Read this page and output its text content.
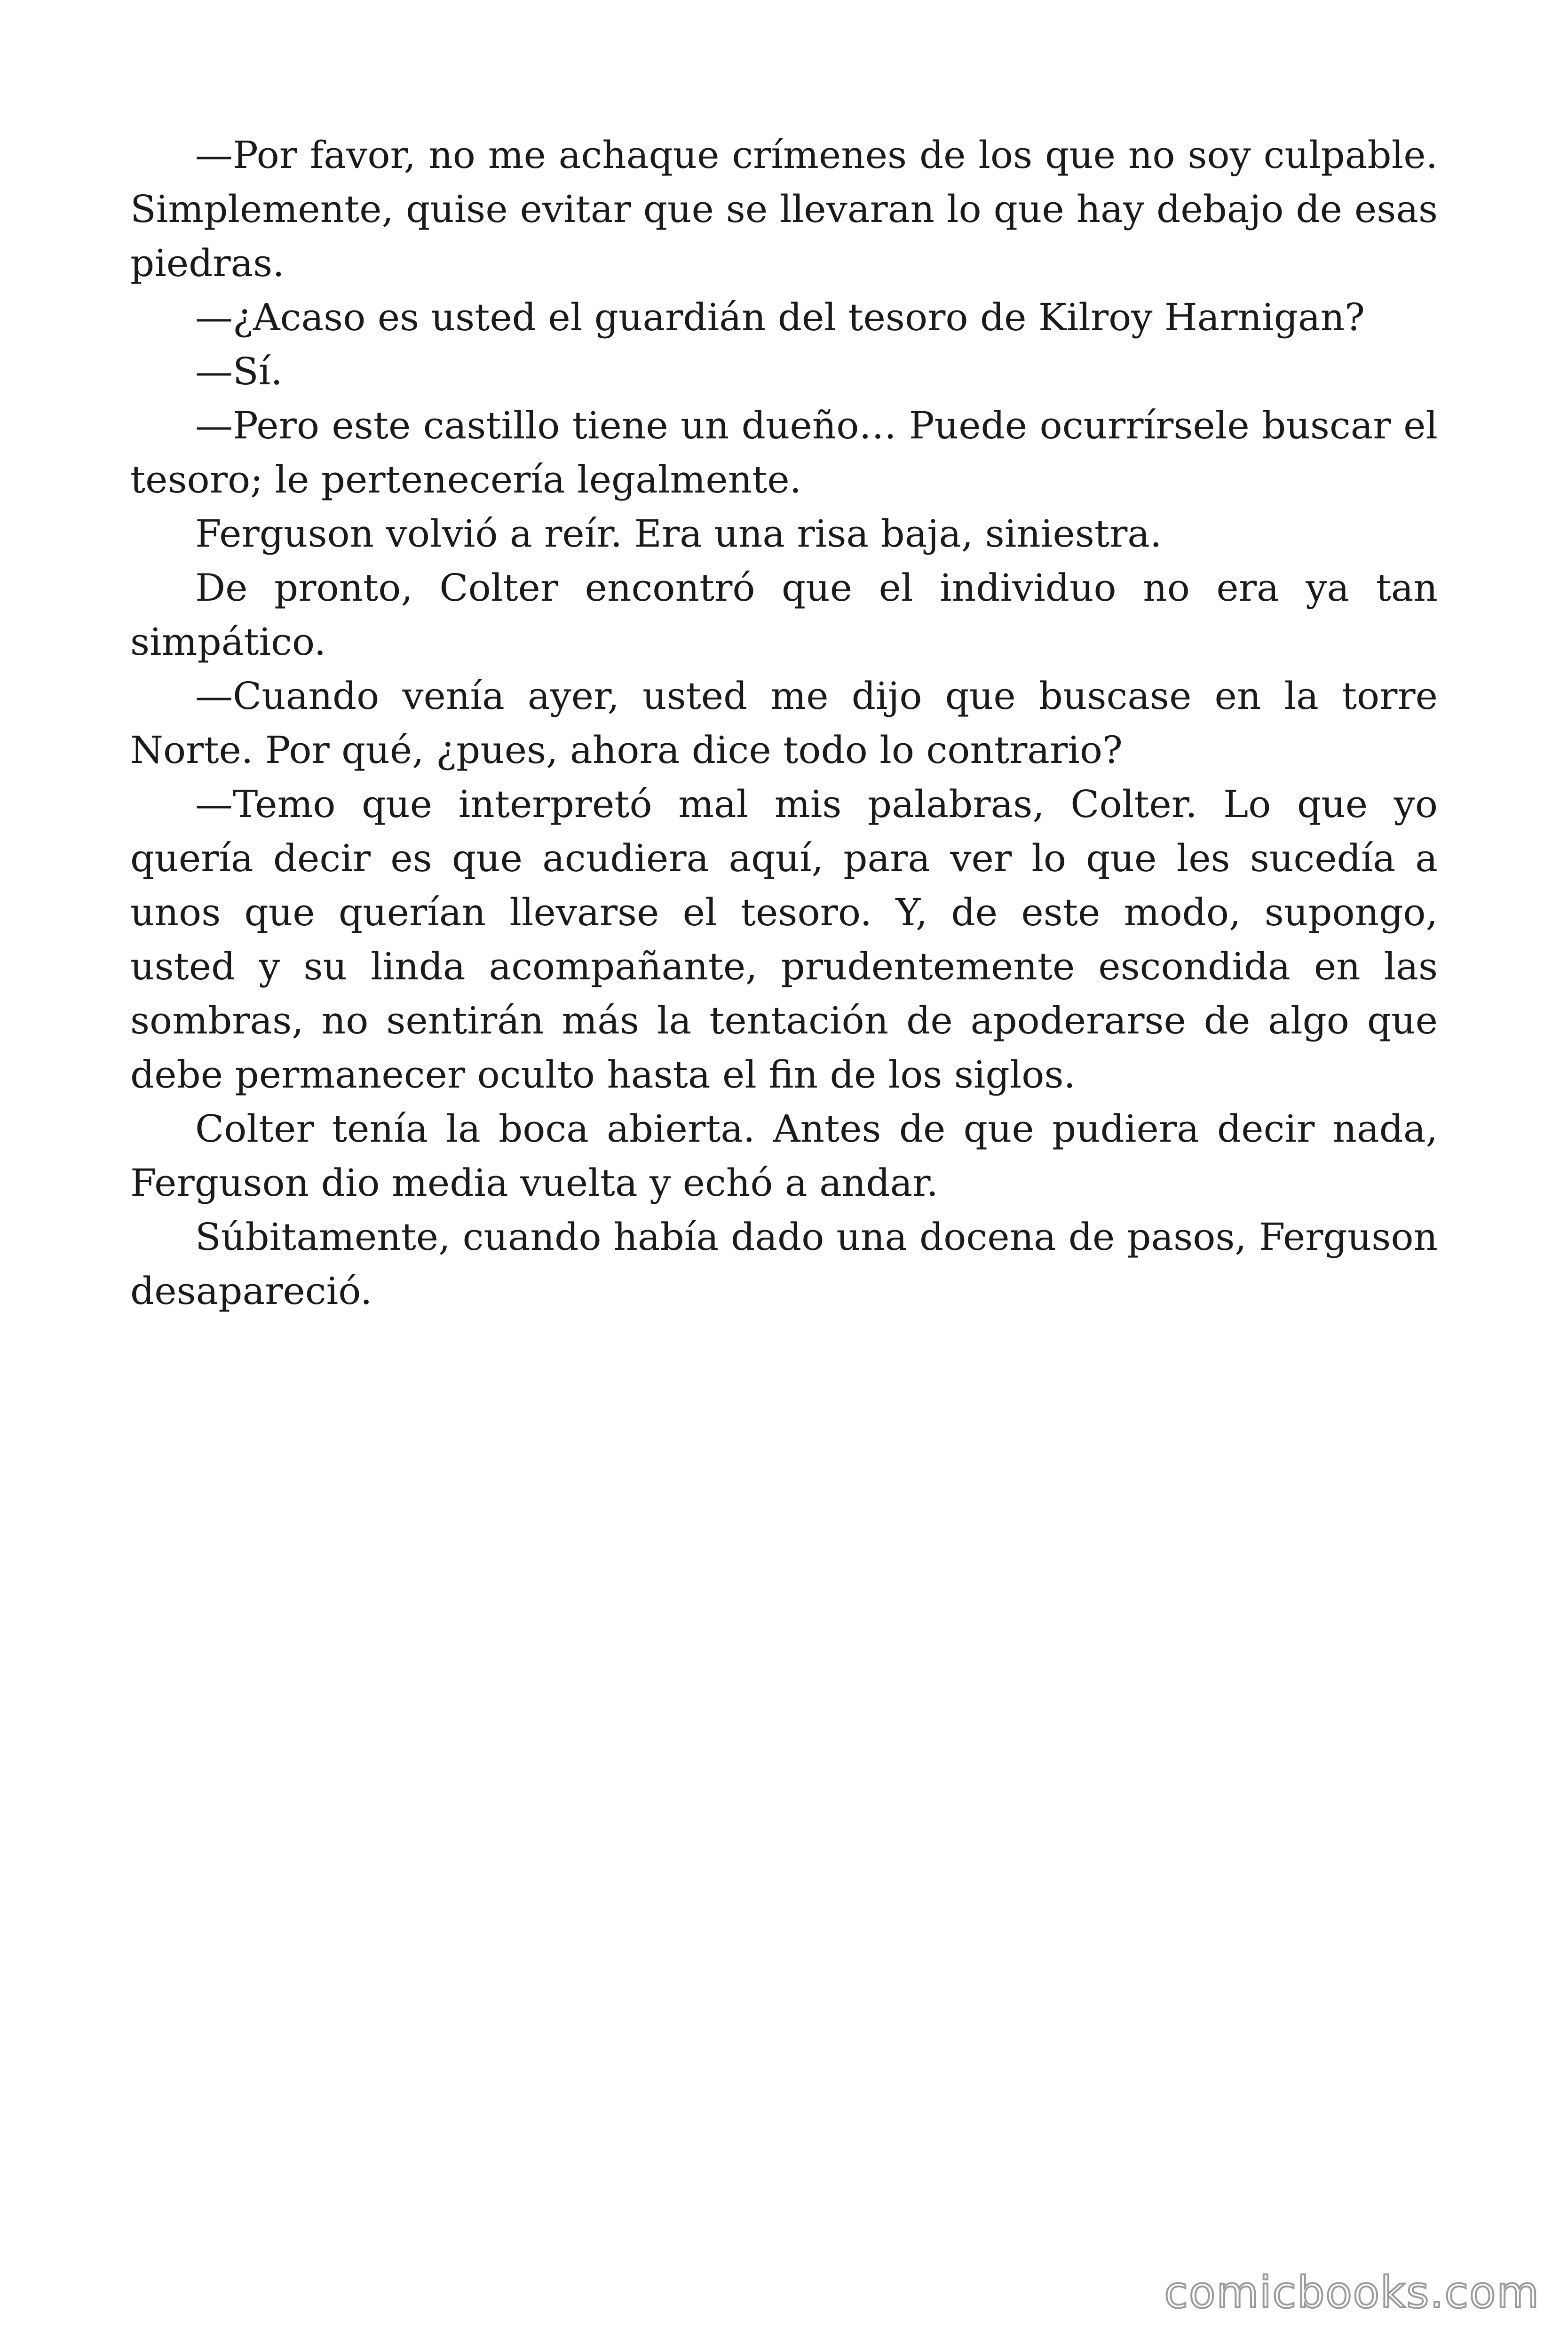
—Por favor, no me achaque crímenes de los que no soy culpable. Simplemente, quise evitar que se llevaran lo que hay debajo de esas piedras.

—¿Acaso es usted el guardián del tesoro de Kilroy Harnigan?

—Sí.

—Pero este castillo tiene un dueño… Puede ocurrírsele buscar el tesoro; le pertenecería legalmente.

Ferguson volvió a reír. Era una risa baja, siniestra.

De pronto, Colter encontró que el individuo no era ya tan simpático.

—Cuando venía ayer, usted me dijo que buscase en la torre Norte. Por qué, ¿pues, ahora dice todo lo contrario?

—Temo que interpretó mal mis palabras, Colter. Lo que yo quería decir es que acudiera aquí, para ver lo que les sucedía a unos que querían llevarse el tesoro. Y, de este modo, supongo, usted y su linda acompañante, prudentemente escondida en las sombras, no sentirán más la tentación de apoderarse de algo que debe permanecer oculto hasta el fin de los siglos.

Colter tenía la boca abierta. Antes de que pudiera decir nada, Ferguson dio media vuelta y echó a andar.

Súbitamente, cuando había dado una docena de pasos, Ferguson desapareció.

comicbooks.com
